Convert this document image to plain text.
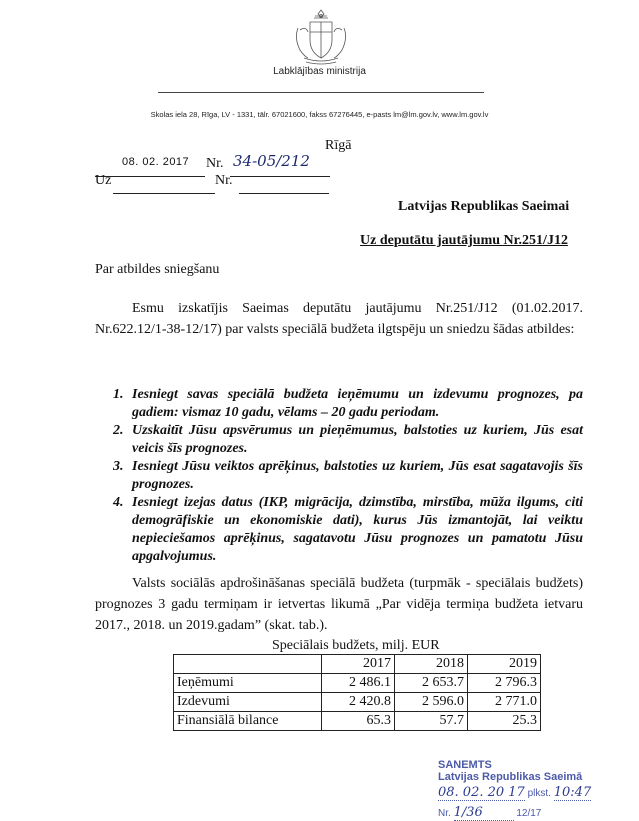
Labklājības ministrija
Skolas iela 28, Rīga, LV - 1331, tālr. 67021600, fakss 67276445, e-pasts lm@lm.gov.lv, www.lm.gov.lv
Rīgā
08. 02. 2017 Nr. 34-05/212
Uz	Nr.
Latvijas Republikas Saeimai
Uz deputātu jautājumu Nr.251/J12
Par atbildes sniegšanu
Esmu izskatījis Saeimas deputātu jautājumu Nr.251/J12 (01.02.2017. Nr.622.12/1-38-12/17) par valsts speciālā budžeta ilgtspēju un sniedzu šādas atbildes:
1. Iesniegt savas speciālā budžeta ieņēmumu un izdevumu prognozes, pa gadiem: vismaz 10 gadu, vēlams – 20 gadu periodam.
2. Uzskaitīt Jūsu apsvērumus un pieņēmumus, balstoties uz kuriem, Jūs esat veicis šīs prognozes.
3. Iesniegt Jūsu veiktos aprēķinus, balstoties uz kuriem, Jūs esat sagatavojis šīs prognozes.
4. Iesniegt izejas datus (IKP, migrācija, dzimstība, mirstība, mūža ilgums, citi demogrāfiskie un ekonomiskie dati), kurus Jūs izmantojāt, lai veiktu nepieciešamos aprēķinus, sagatavotu Jūsu prognozes un pamatotu Jūsu apgalvojumus.
Valsts sociālās apdrošināšanas speciālā budžeta (turpmāk - speciālais budžets) prognozes 3 gadu termiņam ir ietvertas likumā „Par vidēja termiņa budžeta ietvaru 2017., 2018. un 2019.gadam” (skat. tab.).
Speciālais budžets, milj. EUR
	2017	2018	2019
Ieņēmumi	2 486.1	2 653.7	2 796.3
Izdevumi	2 420.8	2 596.0	2 771.0
Finansiālā bilance	65.3	57.7	25.3
SANEMTS
Latvijas Republikas Saeimā
08. 02. 20 17 plkst. 10:47
Nr. 1/36	12/17
